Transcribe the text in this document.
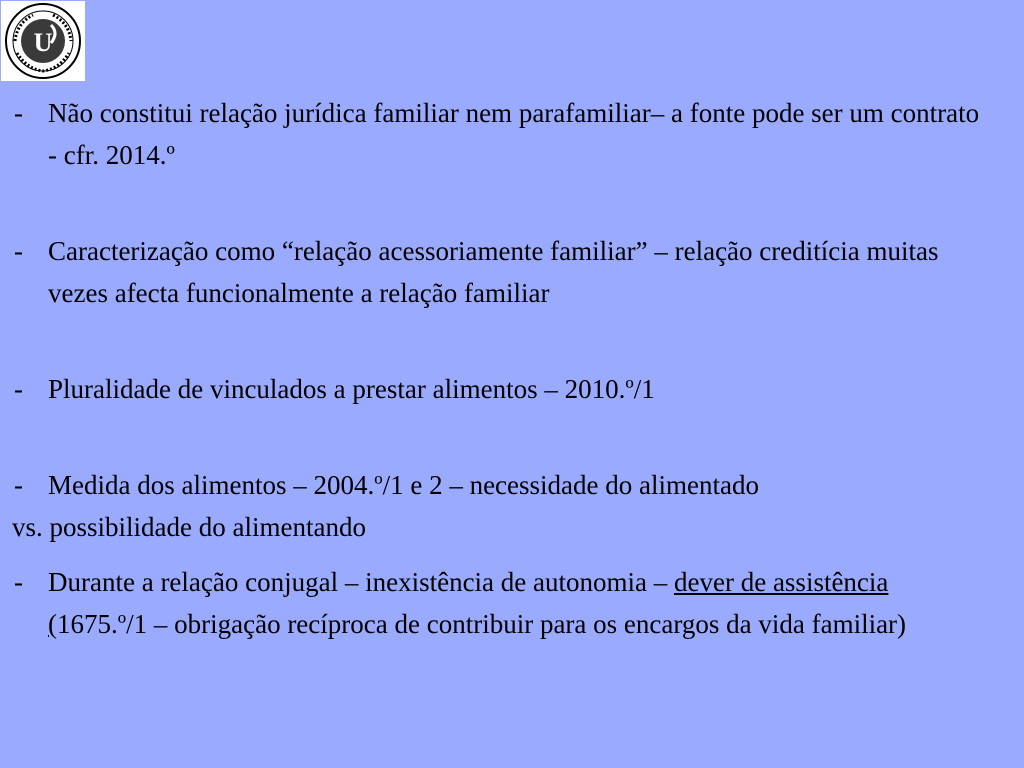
U
- Não constitui relação jurídica familiar nem parafamiliar– a fonte pode ser um contrato - cfr. 2014.º
- Caracterização como “relação acessoriamente familiar” – relação creditícia muitas vezes afecta funcionalmente a relação familiar
- Pluralidade de vinculados a prestar alimentos – 2010.º/1
- Medida dos alimentos – 2004.º/1 e 2 – necessidade do alimentado
vs. possibilidade do alimentando
- Durante a relação conjugal – inexistência de autonomia – dever de assistência (1675.º/1 – obrigação recíproca de contribuir para os encargos da vida familiar)
